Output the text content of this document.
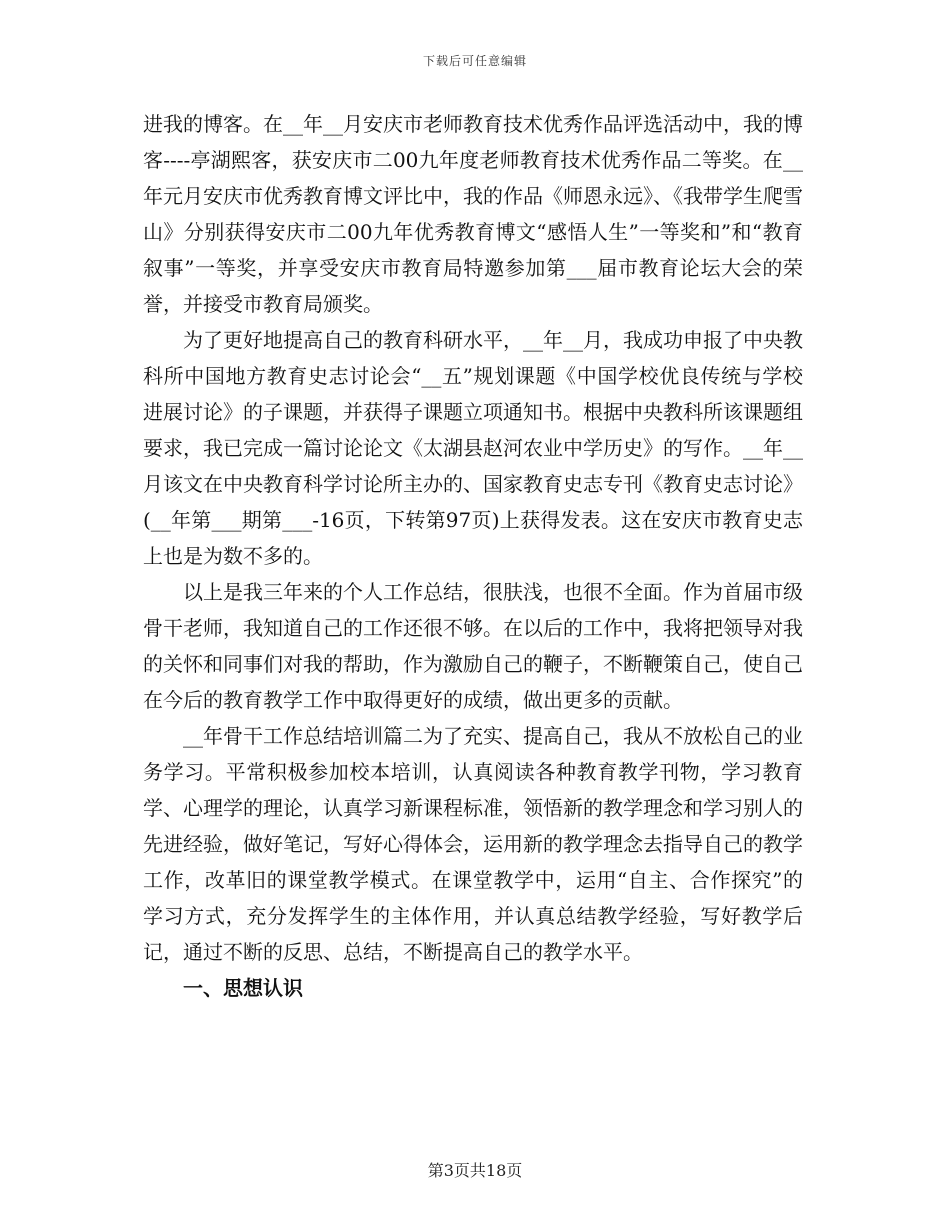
下载后可任意编辑

进我的博客。在__年__月安庆市老师教育技术优秀作品评选活动中，我的博客----亭湖熙客，获安庆市二00九年度老师教育技术优秀作品二等奖。在__年元月安庆市优秀教育博文评比中，我的作品《师恩永远》、《我带学生爬雪山》分别获得安庆市二00九年优秀教育博文“感悟人生”一等奖和”和“教育叙事”一等奖，并享受安庆市教育局特邀参加第___届市教育论坛大会的荣誉，并接受市教育局颁奖。

为了更好地提高自己的教育科研水平，__年__月，我成功申报了中央教科所中国地方教育史志讨论会“__五”规划课题《中国学校优良传统与学校进展讨论》的子课题，并获得子课题立项通知书。根据中央教科所该课题组要求，我已完成一篇讨论论文《太湖县赵河农业中学历史》的写作。__年__月该文在中央教育科学讨论所主办的、国家教育史志专刊《教育史志讨论》(__年第___期第___-16页，下转第97页)上获得发表。这在安庆市教育史志上也是为数不多的。

以上是我三年来的个人工作总结，很肤浅，也很不全面。作为首届市级骨干老师，我知道自己的工作还很不够。在以后的工作中，我将把领导对我的关怀和同事们对我的帮助，作为激励自己的鞭子，不断鞭策自己，使自己在今后的教育教学工作中取得更好的成绩，做出更多的贡献。

__年骨干工作总结培训篇二为了充实、提高自己，我从不放松自己的业务学习。平常积极参加校本培训，认真阅读各种教育教学刊物，学习教育学、心理学的理论，认真学习新课程标准，领悟新的教学理念和学习别人的先进经验，做好笔记，写好心得体会，运用新的教学理念去指导自己的教学工作，改革旧的课堂教学模式。在课堂教学中，运用“自主、合作探究”的学习方式，充分发挥学生的主体作用，并认真总结教学经验，写好教学后记，通过不断的反思、总结，不断提高自己的教学水平。

一、思想认识

第3页共18页
